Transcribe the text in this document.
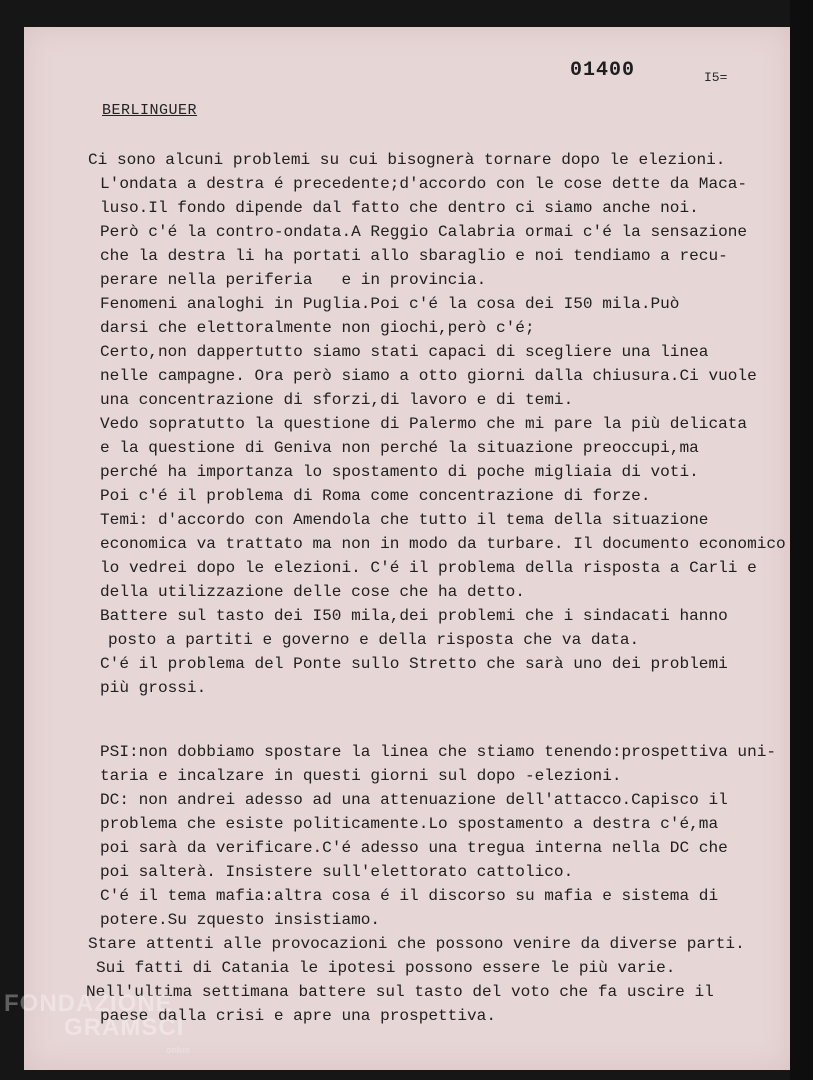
01400	I5=
BERLINGUER
Ci sono alcuni problemi su cui bisognerà tornare dopo le elezioni.
L'ondata a destra é precedente;d'accordo con le cose dette da Maca-
luso.Il fondo dipende dal fatto che dentro ci siamo anche noi.
Però c'é la contro-ondata.A Reggio Calabria ormai c'é la sensazione
che la destra li ha portati allo sbaraglio e noi tendiamo a recu-
perare nella periferia   e in provincia.
Fenomeni analoghi in Puglia.Poi c'é la cosa dei I50 mila.Può
darsi che elettoralmente non giochi,però c'é;
Certo,non dappertutto siamo stati capaci di scegliere una linea
nelle campagne. Ora però siamo a otto giorni dalla chiusura.Ci vuole
una concentrazione di sforzi,di lavoro e di temi.
Vedo sopratutto la questione di Palermo che mi pare la più delicata
e la questione di Geniva non perché la situazione preoccupi,ma
perché ha importanza lo spostamento di poche migliaia di voti.
Poi c'é il problema di Roma come concentrazione di forze.
Temi: d'accordo con Amendola che tutto il tema della situazione
economica va trattato ma non in modo da turbare. Il documento economico
lo vedrei dopo le elezioni. C'é il problema della risposta a Carli e
della utilizzazione delle cose che ha detto.
Battere sul tasto dei I50 mila,dei problemi che i sindacati hanno
posto a partiti e governo e della risposta che va data.
C'é il problema del Ponte sullo Stretto che sarà uno dei problemi
più grossi.
PSI:non dobbiamo spostare la linea che stiamo tenendo:prospettiva uni-
taria e incalzare in questi giorni sul dopo -elezioni.
DC: non andrei adesso ad una attenuazione dell'attacco.Capisco il
problema che esiste politicamente.Lo spostamento a destra c'é,ma
poi sarà da verificare.C'é adesso una tregua interna nella DC che
poi salterà. Insistere sull'elettorato cattolico.
C'é il tema mafia:altra cosa é il discorso su mafia e sistema di
potere.Su zquesto insistiamo.
Stare attenti alle provocazioni che possono venire da diverse parti.
Sui fatti di Catania le ipotesi possono essere le più varie.
Nell'ultima settimana battere sul tasto del voto che fa uscire il
paese dalla crisi e apre una prospettiva.
FONDAZIONE
GRAMSCI
onlus
